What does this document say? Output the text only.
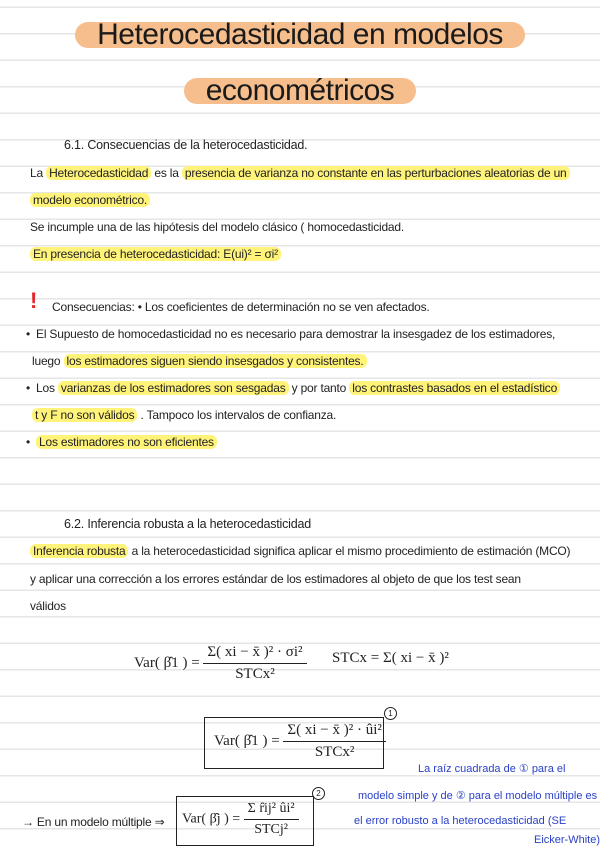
Heterocedasticidad en modelos
econométricos
6.1. Consecuencias de la heterocedasticidad.
La Heterocedasticidad es la presencia de varianza no constante en las perturbaciones aleatorias de un
modelo econométrico.
Se incumple una de las hipótesis del modelo clásico ( homocedasticidad.
En presencia de heterocedasticidad: E(ui)² = σi²
! Consecuencias: • Los coeficientes de determinación no se ven afectados.
• El Supuesto de homocedasticidad no es necesario para demostrar la insesgadez de los estimadores,
luego los estimadores siguen siendo insesgados y consistentes.
• Los varianzas de los estimadores son sesgadas y por tanto los contrastes basados en el estadístico
t y F no son válidos . Tampoco los intervalos de confianza.
• Los estimadores no son eficientes
6.2. Inferencia robusta a la heterocedasticidad
Inferencia robusta a la heterocedasticidad significa aplicar el mismo procedimiento de estimación (MCO)
y aplicar una corrección a los errores estándar de los estimadores al objeto de que los test sean
válidos
Var( β̂1 ) = $\frac{\text{Σ( xi − x̄ )² · σi²}}{\text{STCx²}}$ STCx = Σ( xi − x̄ )²
Var( β̂1 ) = $\frac{\text{Σ( xi − x̄ )² · ûi²}}{\text{STCx²}}$
1
→ En un modelo múltiple ⇒ Var( β̂j ) = $\frac{\text{Σ r̂ij² ûi²}}{\text{STCj²}}$
2
La raíz cuadrada de ① para el
modelo simple y de ② para el modelo múltiple es
el error robusto a la heterocedasticidad (SE
Eicker-White)
